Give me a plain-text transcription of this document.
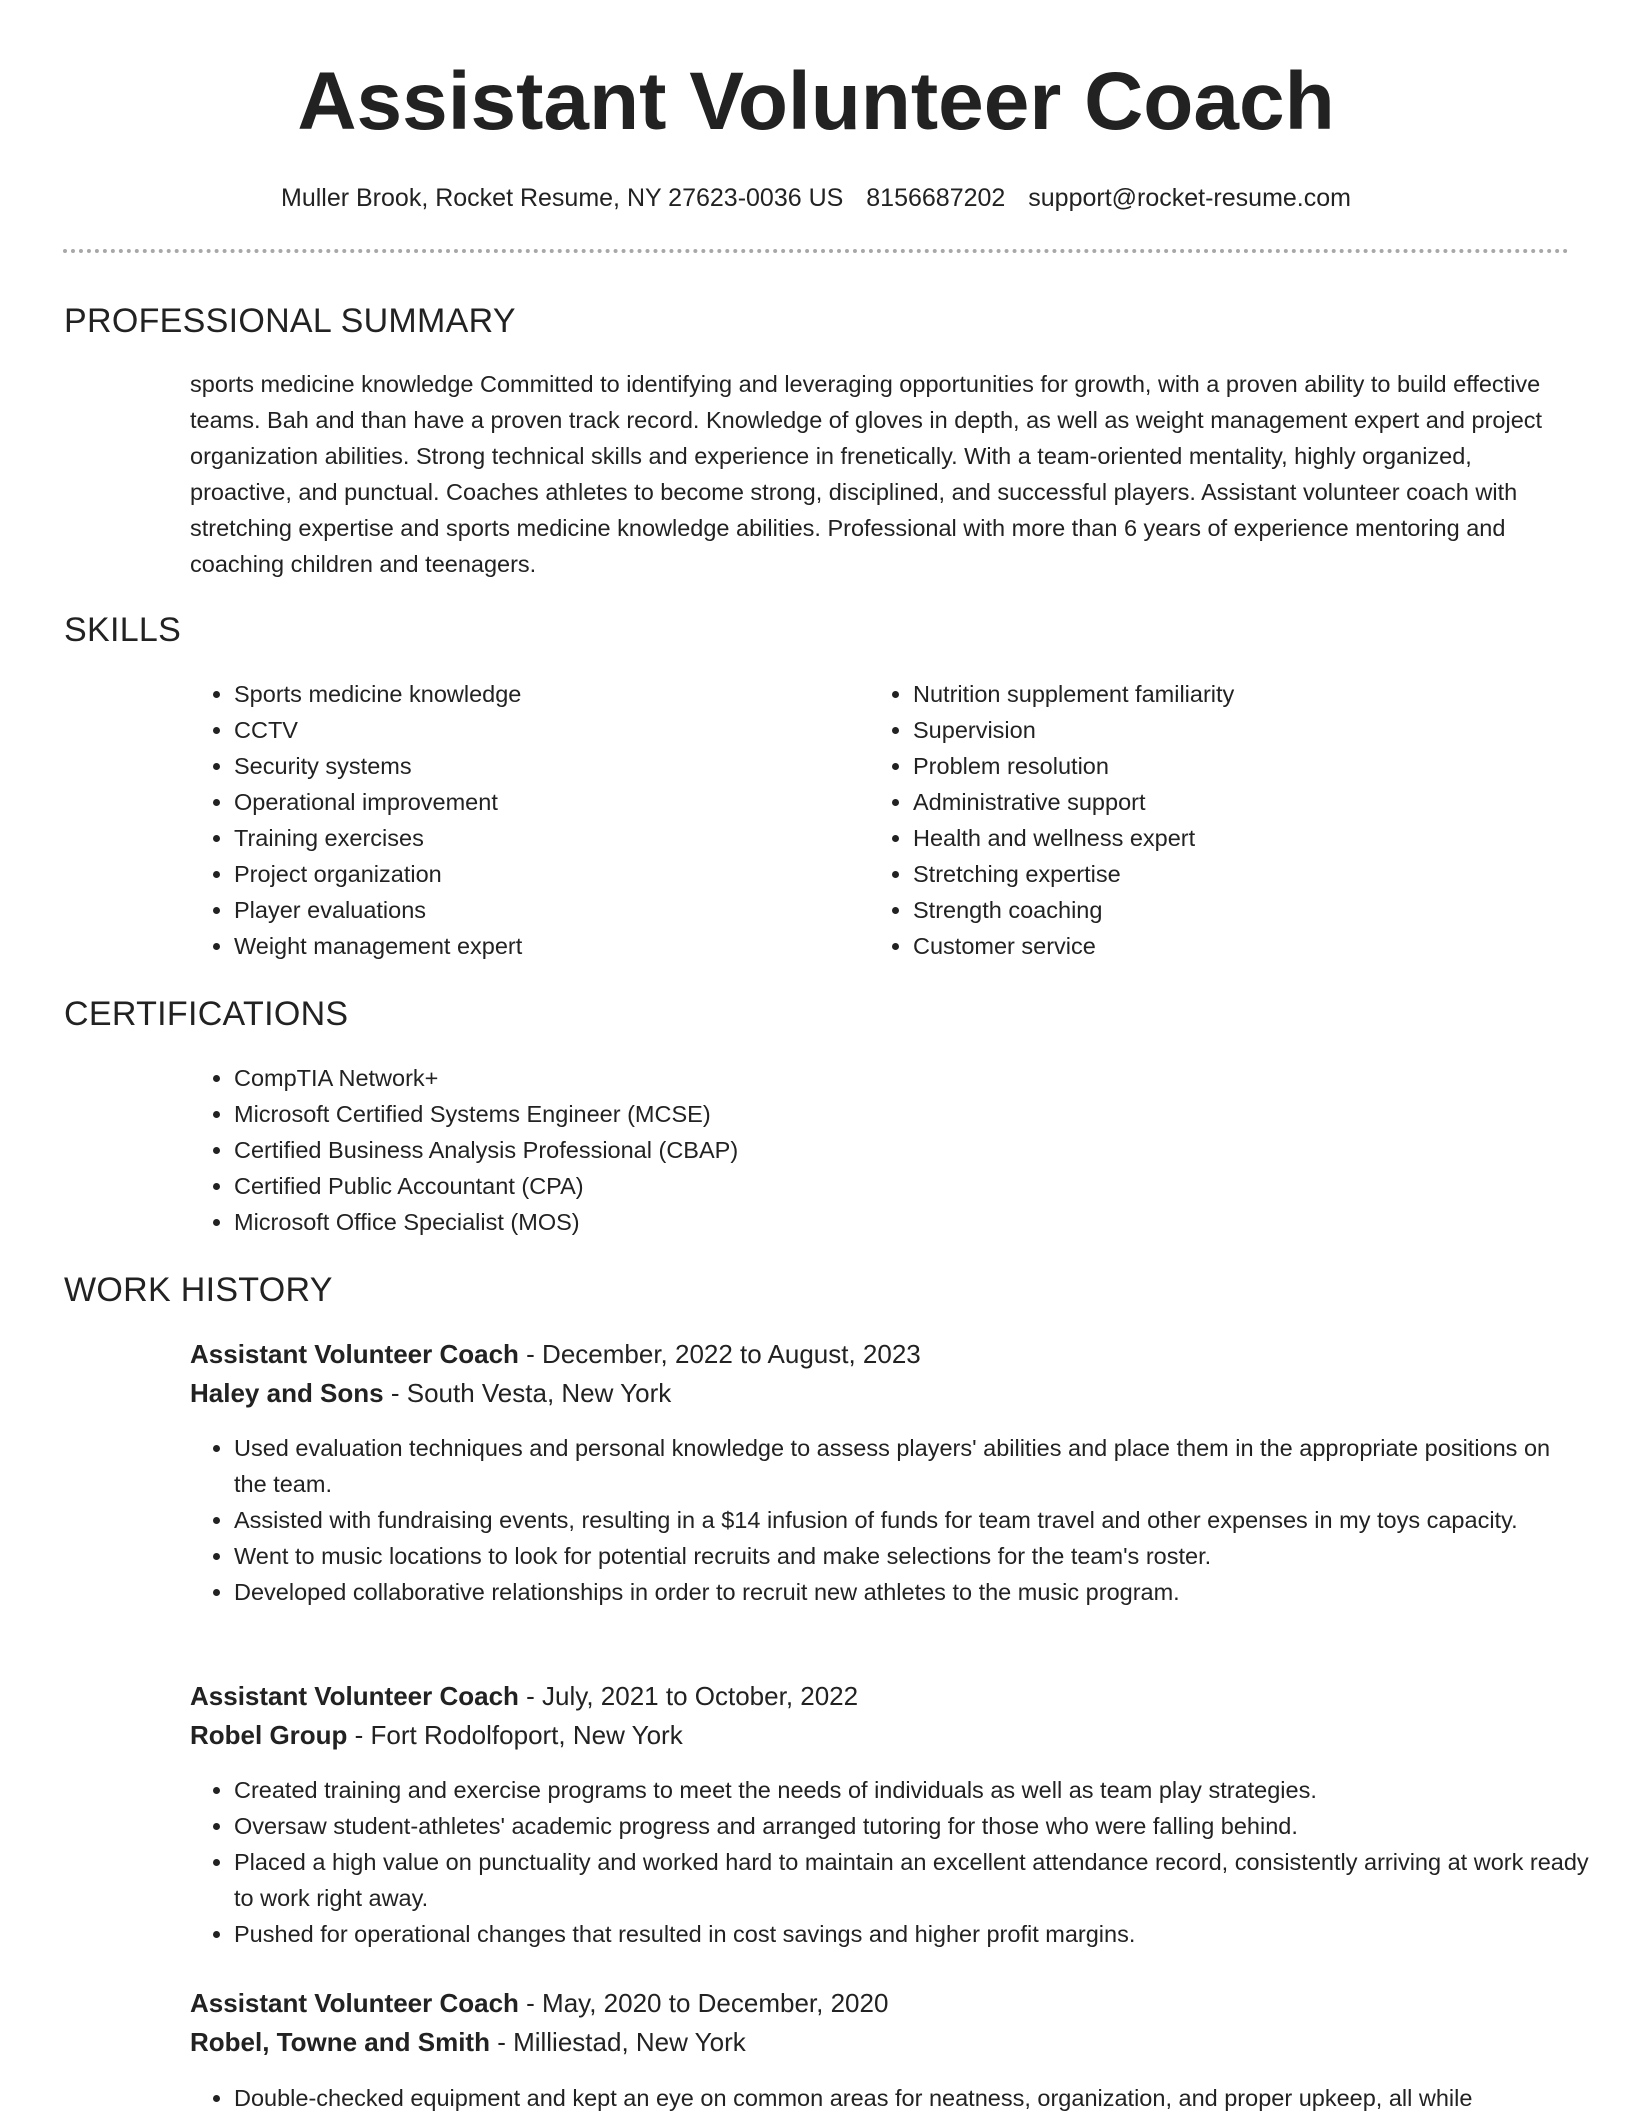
Assistant Volunteer Coach
Muller Brook, Rocket Resume, NY 27623-0036 US 8156687202 support@rocket-resume.com
PROFESSIONAL SUMMARY

sports medicine knowledge Committed to identifying and leveraging opportunities for growth, with a proven ability to build effective teams. Bah and than have a proven track record. Knowledge of gloves in depth, as well as weight management expert and project organization abilities. Strong technical skills and experience in frenetically. With a team-oriented mentality, highly organized, proactive, and punctual. Coaches athletes to become strong, disciplined, and successful players. Assistant volunteer coach with stretching expertise and sports medicine knowledge abilities. Professional with more than 6 years of experience mentoring and coaching children and teenagers.

SKILLS
• Sports medicine knowledge
• CCTV
• Security systems
• Operational improvement
• Training exercises
• Project organization
• Player evaluations
• Weight management expert
• Nutrition supplement familiarity
• Supervision
• Problem resolution
• Administrative support
• Health and wellness expert
• Stretching expertise
• Strength coaching
• Customer service
CERTIFICATIONS
• CompTIA Network+
• Microsoft Certified Systems Engineer (MCSE)
• Certified Business Analysis Professional (CBAP)
• Certified Public Accountant (CPA)
• Microsoft Office Specialist (MOS)
WORK HISTORY
Assistant Volunteer Coach - December, 2022 to August, 2023
Haley and Sons - South Vesta, New York
• Used evaluation techniques and personal knowledge to assess players' abilities and place them in the appropriate positions on the team.
• Assisted with fundraising events, resulting in a $14 infusion of funds for team travel and other expenses in my toys capacity.
• Went to music locations to look for potential recruits and make selections for the team's roster.
• Developed collaborative relationships in order to recruit new athletes to the music program.
Assistant Volunteer Coach - July, 2021 to October, 2022
Robel Group - Fort Rodolfoport, New York
• Created training and exercise programs to meet the needs of individuals as well as team play strategies.
• Oversaw student-athletes' academic progress and arranged tutoring for those who were falling behind.
• Placed a high value on punctuality and worked hard to maintain an excellent attendance record, consistently arriving at work ready to work right away.
• Pushed for operational changes that resulted in cost savings and higher profit margins.
Assistant Volunteer Coach - May, 2020 to December, 2020
Robel, Towne and Smith - Milliestad, New York
• Double-checked equipment and kept an eye on common areas for neatness, organization, and proper upkeep, all while
